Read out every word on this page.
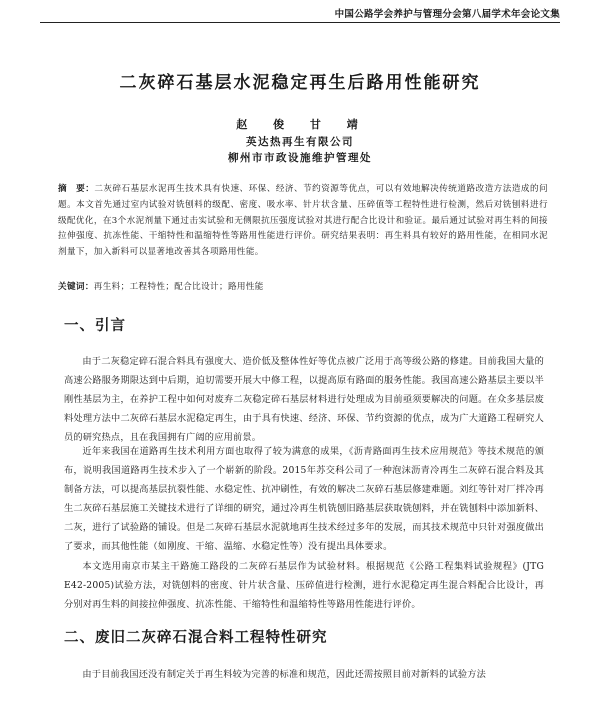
中国公路学会养护与管理分会第八届学术年会论文集
二灰碎石基层水泥稳定再生后路用性能研究
赵 俊 甘 靖
英达热再生有限公司
柳州市市政设施维护管理处
摘　要：二灰碎石基层水泥再生技术具有快速、环保、经济、节约资源等优点，可以有效地解决传统道路改造方法造成的问题。本文首先通过室内试验对铣刨料的级配、密度、吸水率、针片状含量、压碎值等工程特性进行检测，然后对铣刨料进行级配优化，在3个水泥剂量下通过击实试验和无侧限抗压强度试验对其进行配合比设计和验证。最后通过试验对再生料的间接拉伸强度、抗冻性能、干缩特性和温缩特性等路用性能进行评价。研究结果表明：再生料具有较好的路用性能，在相同水泥剂量下，加入新料可以显著地改善其各项路用性能。
关键词：再生料；工程特性；配合比设计；路用性能
一、引言
由于二灰稳定碎石混合料具有强度大、造价低及整体性好等优点被广泛用于高等级公路的修建。目前我国大量的高速公路服务期限达到中后期，迫切需要开展大中修工程，以提高原有路面的服务性能。我国高速公路基层主要以半刚性基层为主，在养护工程中如何对废弃二灰稳定碎石基层材料进行处理成为目前亟须要解决的问题。在众多基层废料处理方法中二灰碎石基层水泥稳定再生，由于具有快速、经济、环保、节约资源的优点，成为广大道路工程研究人员的研究热点，且在我国拥有广阔的应用前景。
近年来我国在道路再生技术利用方面也取得了较为满意的成果，《沥青路面再生技术应用规范》等技术规范的颁布，说明我国道路再生技术步入了一个崭新的阶段。2015年苏交科公司了一种泡沫沥青冷再生二灰碎石混合料及其制备方法，可以提高基层抗裂性能、水稳定性、抗冲刷性，有效的解决二灰碎石基层修建难题。刘红等针对厂拌冷再生二灰碎石基层施工关键技术进行了详细的研究，通过冷再生机铣刨旧路基层获取铣刨料，并在铣刨料中添加新料、二灰，进行了试验路的铺设。但是二灰碎石基层水泥就地再生技术经过多年的发展，而其技术规范中只针对强度做出了要求，而其他性能（如刚度、干缩、温缩、水稳定性等）没有提出具体要求。
本文选用南京市某主干路施工路段的二灰碎石基层作为试验材料。根据规范《公路工程集料试验规程》(JTG E42-2005)试验方法，对铣刨料的密度、针片状含量、压碎值进行检测，进行水泥稳定再生混合料配合比设计，再分别对再生料的间接拉伸强度、抗冻性能、干缩特性和温缩特性等路用性能进行评价。
二、废旧二灰碎石混合料工程特性研究
由于目前我国还没有制定关于再生料较为完善的标准和规范，因此还需按照目前对新料的试验方法
